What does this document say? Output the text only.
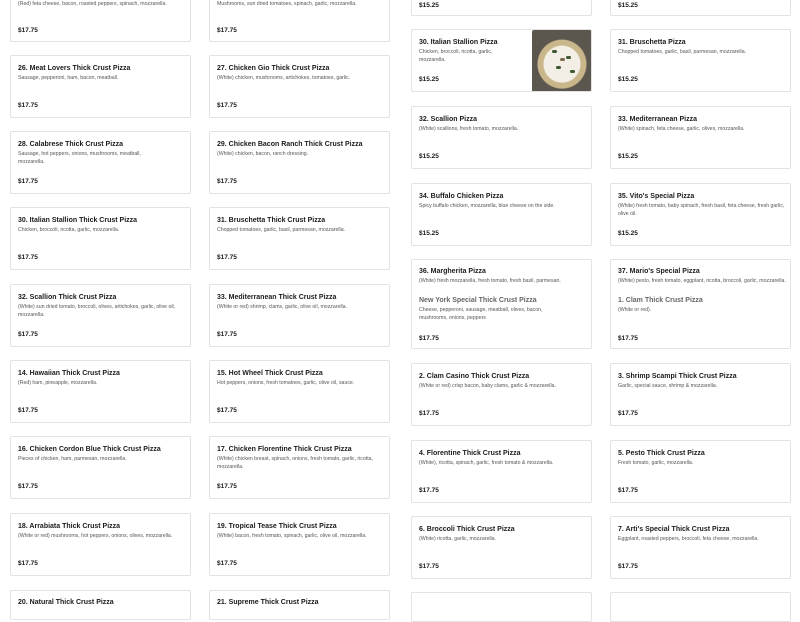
(Red) feta cheese, bacon, roasted peppers, spinach, mozzarella.
$17.75
Mushrooms, sun dried tomatoes, spinach, garlic, mozzarella.
$17.75
26. Meat Lovers Thick Crust Pizza
Sausage, pepperoni, ham, bacon, meatball.
$17.75
27. Chicken Gio Thick Crust Pizza
(White) chicken, mushrooms, artichokes, tomatoes, garlic.
$17.75
28. Calabrese Thick Crust Pizza
Sausage, hot peppers, onions, mushrooms, meatball, mozzarella.
$17.75
29. Chicken Bacon Ranch Thick Crust Pizza
(White) chicken, bacon, ranch dressing.
$17.75
30. Italian Stallion Thick Crust Pizza
Chicken, broccoli, ricotta, garlic, mozzarella.
$17.75
31. Bruschetta Thick Crust Pizza
Chopped tomatoes, garlic, basil, parmesan, mozzarella.
$17.75
32. Scallion Thick Crust Pizza
(White) sun dried tomato, broccoli, olives, artichokes, garlic, olive oil, mozzarella.
$17.75
33. Mediterranean Thick Crust Pizza
(White or red) shrimp, clams, garlic, olive oil, mozzarella.
$17.75
14. Hawaiian Thick Crust Pizza
(Red) ham, pineapple, mozzarella.
$17.75
15. Hot Wheel Thick Crust Pizza
Hot peppers, onions, fresh tomatoes, garlic, olive oil, sauce.
$17.75
16. Chicken Cordon Blue Thick Crust Pizza
Pieces of chicken, ham, parmesan, mozzarella.
$17.75
17. Chicken Florentine Thick Crust Pizza
(White) chicken breast, spinach, onions, fresh tomato, garlic, ricotta, mozzarella.
$17.75
18. Arrabiata Thick Crust Pizza
(White or red) mushrooms, hot peppers, onions, olives, mozzarella.
$17.75
19. Tropical Tease Thick Crust Pizza
(White) bacon, fresh tomato, spinach, garlic, olive oil, mozzarella.
$17.75
20. Natural Thick Crust Pizza	21. Supreme Thick Crust Pizza
$15.25	$15.25
30. Italian Stallion Pizza
Chicken, broccoli, ricotta, garlic, mozzarella.
$15.25
31. Bruschetta Pizza
Chopped tomatoes, garlic, basil, parmesan, mozzarella.
$15.25
32. Scallion Pizza
(White) scallions, fresh tomato, mozzarella.
$15.25
33. Mediterranean Pizza
(White) spinach, feta cheese, garlic, olives, mozzarella.
$15.25
34. Buffalo Chicken Pizza
Spicy buffalo chicken, mozzarella, blue cheese on the side.
$15.25
35. Vito's Special Pizza
(White) fresh tomato, baby spinach, fresh basil, feta cheese, fresh garlic, olive oil.
$15.25
36. Margherita Pizza
(White) fresh mozzarella, fresh tomato, fresh basil, parmesan.
New York Special Thick Crust Pizza
Cheese, pepperoni, sausage, meatball, olives, bacon, mushrooms, onions, peppers
$17.75
37. Mario's Special Pizza
(White) pesto, fresh tomato, eggplant, ricotta, broccoli, garlic, mozzarella.
1. Clam Thick Crust Pizza
(White or red).
$17.75
2. Clam Casino Thick Crust Pizza
(White or red) crisp bacon, baby clams, garlic & mozzarella.
$17.75
3. Shrimp Scampi Thick Crust Pizza
Garlic, special sauce, shrimp & mozzarella.
$17.75
4. Florentine Thick Crust Pizza
(White), ricotta, spinach, garlic, fresh tomato & mozzarella.
$17.75
5. Pesto Thick Crust Pizza
Fresh tomato, garlic, mozzarella.
$17.75
6. Broccoli Thick Crust Pizza
(White) ricotta, garlic, mozzarella.
$17.75
7. Arti's Special Thick Crust Pizza
Eggplant, roasted peppers, broccoli, feta cheese, mozzarella.
$17.75
